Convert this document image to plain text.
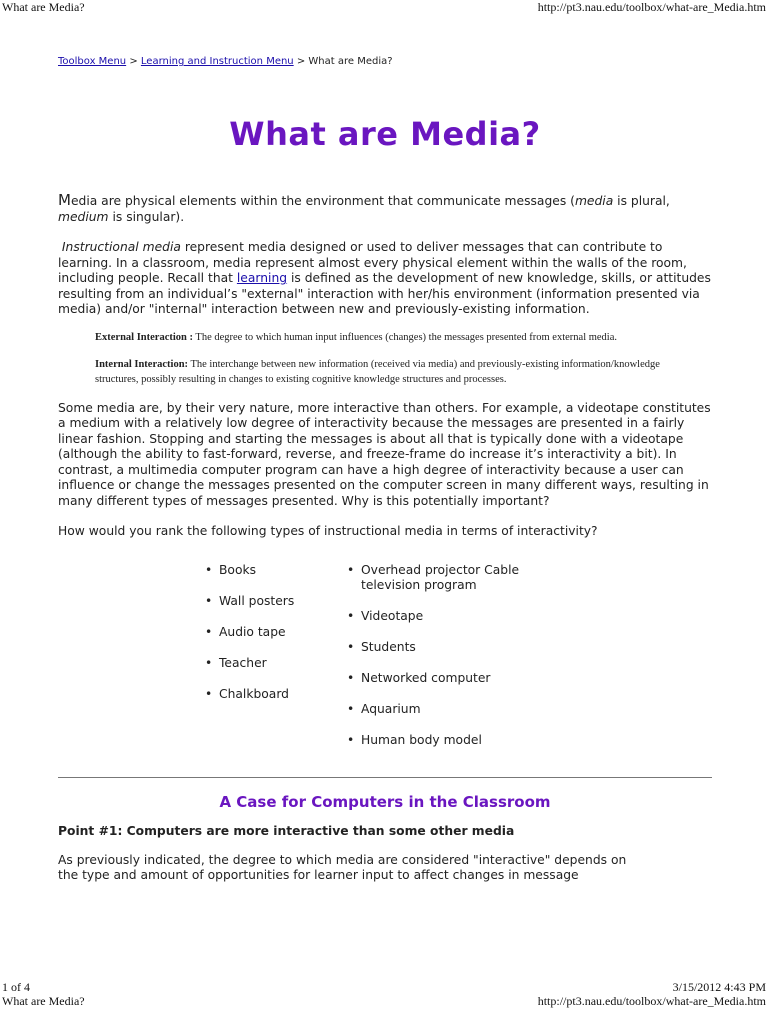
What are Media?	http://pt3.nau.edu/toolbox/what-are_Media.htm

Toolbox Menu > Learning and Instruction Menu > What are Media?

What are Media?

Media are physical elements within the environment that communicate messages (media is plural, medium is singular).

Instructional media represent media designed or used to deliver messages that can contribute to learning. In a classroom, media represent almost every physical element within the walls of the room, including people. Recall that learning is defined as the development of new knowledge, skills, or attitudes resulting from an individual’s "external" interaction with her/his environment (information presented via media) and/or "internal" interaction between new and previously-existing information.

External Interaction : The degree to which human input influences (changes) the messages presented from external media.

Internal Interaction: The interchange between new information (received via media) and previously-existing information/knowledge structures, possibly resulting in changes to existing cognitive knowledge structures and processes.

Some media are, by their very nature, more interactive than others. For example, a videotape constitutes a medium with a relatively low degree of interactivity because the messages are presented in a fairly linear fashion. Stopping and starting the messages is about all that is typically done with a videotape (although the ability to fast-forward, reverse, and freeze-frame do increase it’s interactivity a bit). In contrast, a multimedia computer program can have a high degree of interactivity because a user can influence or change the messages presented on the computer screen in many different ways, resulting in many different types of messages presented. Why is this potentially important?

How would you rank the following types of instructional media in terms of interactivity?

• Books
• Wall posters
• Audio tape
• Teacher
• Chalkboard
• Overhead projector Cable television program
• Videotape
• Students
• Networked computer
• Aquarium
• Human body model
A Case for Computers in the Classroom

Point #1: Computers are more interactive than some other media

As previously indicated, the degree to which media are considered "interactive" depends on the type and amount of opportunities for learner input to affect changes in message

1 of 4	3/15/2012 4:43 PM
What are Media?	http://pt3.nau.edu/toolbox/what-are_Media.htm
